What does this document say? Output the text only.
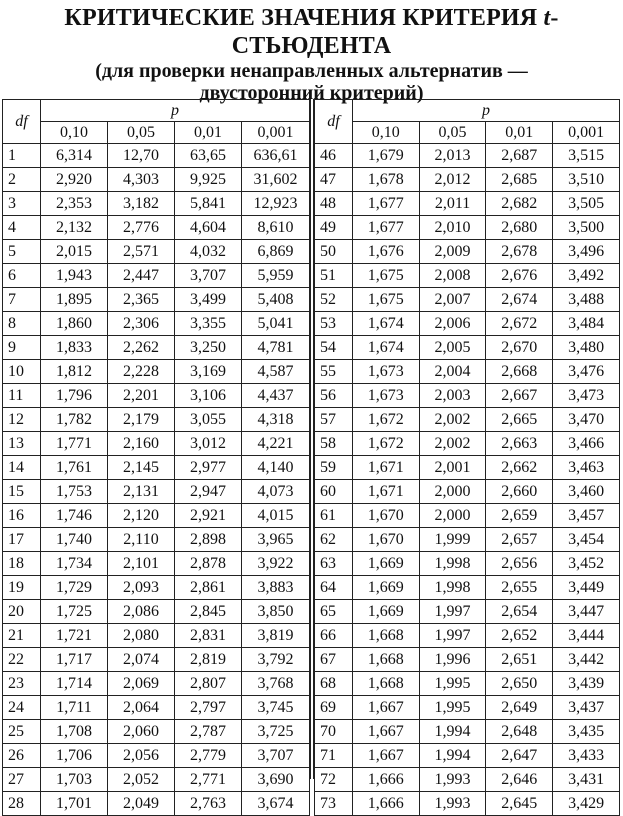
КРИТИЧЕСКИЕ ЗНАЧЕНИЯ КРИТЕРИЯ t-СТЬЮДЕНТА
(для проверки ненаправленных альтернатив —
двусторонний критерий)
df	p			
	0,10	0,05	0,01	0,001
1	6,314	12,70	63,65	636,61
2	2,920	4,303	9,925	31,602
3	2,353	3,182	5,841	12,923
4	2,132	2,776	4,604	8,610
5	2,015	2,571	4,032	6,869
6	1,943	2,447	3,707	5,959
7	1,895	2,365	3,499	5,408
8	1,860	2,306	3,355	5,041
9	1,833	2,262	3,250	4,781
10	1,812	2,228	3,169	4,587
11	1,796	2,201	3,106	4,437
12	1,782	2,179	3,055	4,318
13	1,771	2,160	3,012	4,221
14	1,761	2,145	2,977	4,140
15	1,753	2,131	2,947	4,073
16	1,746	2,120	2,921	4,015
17	1,740	2,110	2,898	3,965
18	1,734	2,101	2,878	3,922
19	1,729	2,093	2,861	3,883
20	1,725	2,086	2,845	3,850
21	1,721	2,080	2,831	3,819
22	1,717	2,074	2,819	3,792
23	1,714	2,069	2,807	3,768
24	1,711	2,064	2,797	3,745
25	1,708	2,060	2,787	3,725
26	1,706	2,056	2,779	3,707
27	1,703	2,052	2,771	3,690
28	1,701	2,049	2,763	3,674
df	p			
	0,10	0,05	0,01	0,001
46	1,679	2,013	2,687	3,515
47	1,678	2,012	2,685	3,510
48	1,677	2,011	2,682	3,505
49	1,677	2,010	2,680	3,500
50	1,676	2,009	2,678	3,496
51	1,675	2,008	2,676	3,492
52	1,675	2,007	2,674	3,488
53	1,674	2,006	2,672	3,484
54	1,674	2,005	2,670	3,480
55	1,673	2,004	2,668	3,476
56	1,673	2,003	2,667	3,473
57	1,672	2,002	2,665	3,470
58	1,672	2,002	2,663	3,466
59	1,671	2,001	2,662	3,463
60	1,671	2,000	2,660	3,460
61	1,670	2,000	2,659	3,457
62	1,670	1,999	2,657	3,454
63	1,669	1,998	2,656	3,452
64	1,669	1,998	2,655	3,449
65	1,669	1,997	2,654	3,447
66	1,668	1,997	2,652	3,444
67	1,668	1,996	2,651	3,442
68	1,668	1,995	2,650	3,439
69	1,667	1,995	2,649	3,437
70	1,667	1,994	2,648	3,435
71	1,667	1,994	2,647	3,433
72	1,666	1,993	2,646	3,431
73	1,666	1,993	2,645	3,429
